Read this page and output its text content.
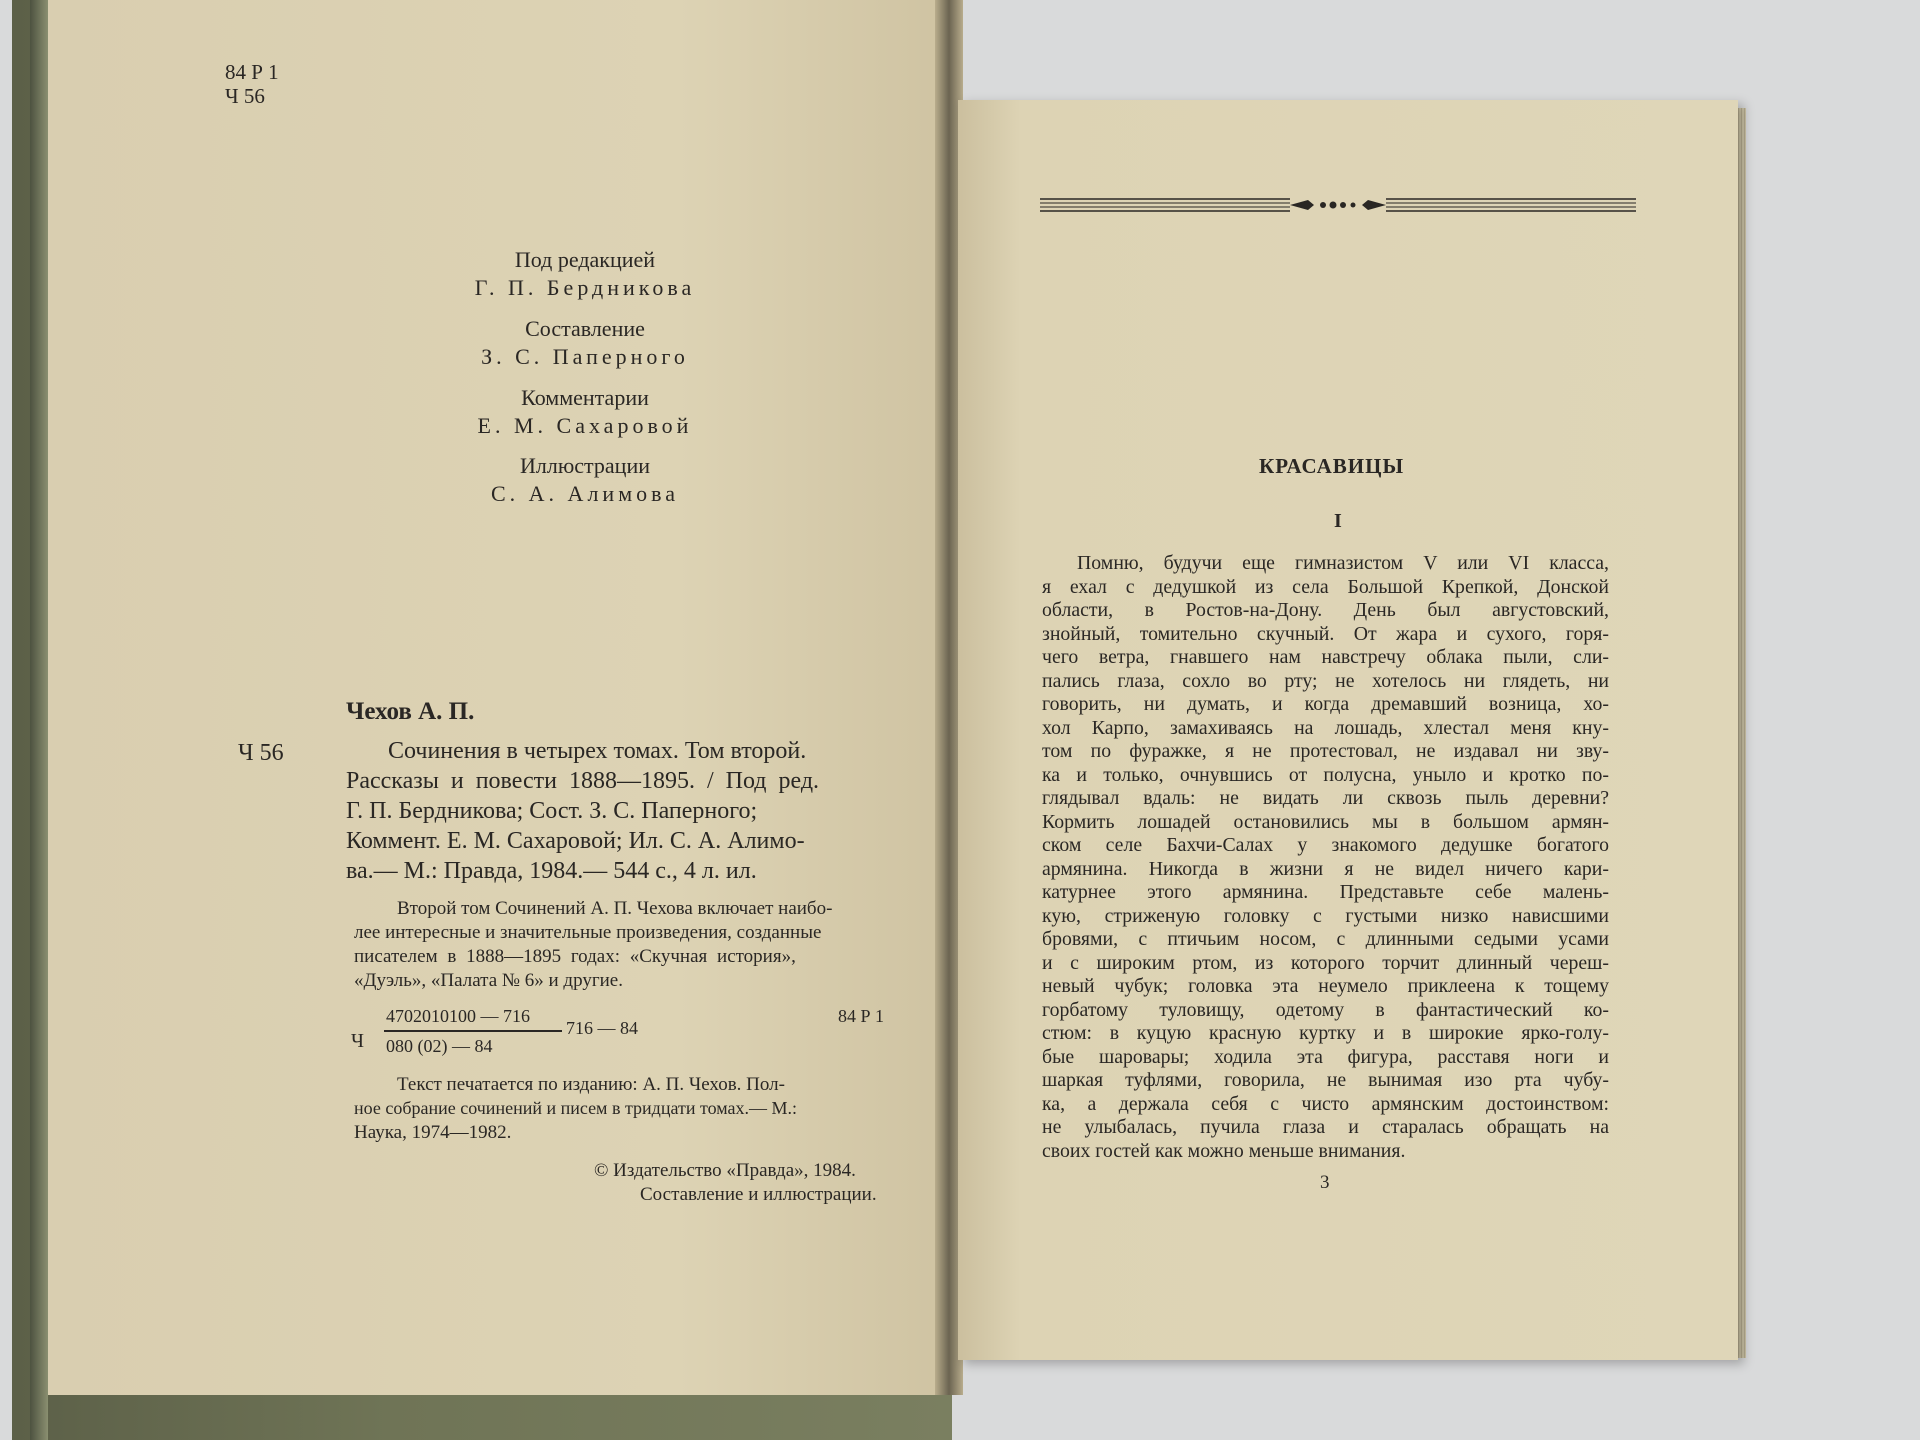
84 Р 1
Ч 56
Под редакцией
Г. П. Бердникова
Составление
З. С. Паперного
Комментарии
Е. М. Сахаровой
Иллюстрации
С. А. Алимова
Чехов А. П.
Ч 56	Сочинения в четырех томах. Том второй.
Рассказы и повести 1888—1895. / Под ред.
Г. П. Бердникова; Сост. З. С. Паперного;
Коммент. Е. М. Сахаровой; Ил. С. А. Алимо-
ва.— М.: Правда, 1984.— 544 с., 4 л. ил.
Второй том Сочинений А. П. Чехова включает наибо-
лее интересные и значительные произведения, созданные
писателем в 1888—1895 годах: «Скучная история»,
«Дуэль», «Палата № 6» и другие.
84 Р 1
Ч
4702010100 — 716
080 (02) — 84
716 — 84
Текст печатается по изданию: А. П. Чехов. Пол-
ное собрание сочинений и писем в тридцати томах.— М.:
Наука, 1974—1982.
© Издательство «Правда», 1984.
Составление и иллюстрации.
КРАСАВИЦЫ
I
Помню, будучи еще гимназистом V или VI класса,
я ехал с дедушкой из села Большой Крепкой, Донской
области, в Ростов-на-Дону. День был августовский,
знойный, томительно скучный. От жара и сухого, горя-
чего ветра, гнавшего нам навстречу облака пыли, сли-
пались глаза, сохло во рту; не хотелось ни глядеть, ни
говорить, ни думать, и когда дремавший возница, хо-
хол Карпо, замахиваясь на лошадь, хлестал меня кну-
том по фуражке, я не протестовал, не издавал ни зву-
ка и только, очнувшись от полусна, уныло и кротко по-
глядывал вдаль: не видать ли сквозь пыль деревни?
Кормить лошадей остановились мы в большом армян-
ском селе Бахчи-Салах у знакомого дедушке богатого
армянина. Никогда в жизни я не видел ничего кари-
катурнее этого армянина. Представьте себе малень-
кую, стриженую головку с густыми низко нависшими
бровями, с птичьим носом, с длинными седыми усами
и с широким ртом, из которого торчит длинный череш-
невый чубук; головка эта неумело приклеена к тощему
горбатому туловищу, одетому в фантастический ко-
стюм: в куцую красную куртку и в широкие ярко-голу-
бые шаровары; ходила эта фигура, расставя ноги и
шаркая туфлями, говорила, не вынимая изо рта чубу-
ка, а держала себя с чисто армянским достоинством:
не улыбалась, пучила глаза и старалась обращать на
своих гостей как можно меньше внимания.
3
